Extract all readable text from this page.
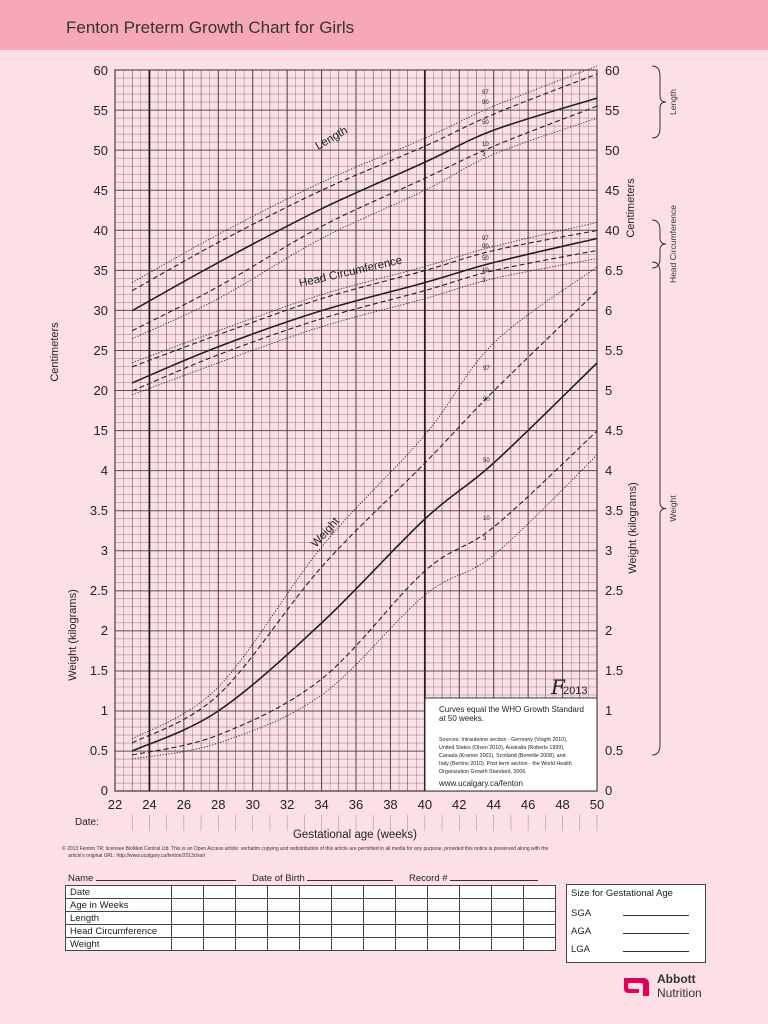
Fenton Preterm Growth Chart for Girls
60
55
50
45
40
35
30
25
20
15
4
3.5
3
2.5
2
1.5
1
0.5
0
60
55
50
45
40
6.5
6
5.5
5
4.5
4
3.5
3
2.5
2
1.5
1
0.5
0
22 24 26 28 30 32 34 36 38 40 42 44 46 48 50
Date:
Gestational age (weeks)
Centimeters
Weight (kilograms)
Centimeters
Weight (kilograms)
Length
Head Circumference
Weight
97
97
97
90
90
90
50
50
50
10
10
10
3
3
3
Length
Head Circumference
Weight
F
2013
Curves equal the WHO Growth Standard
at 50 weeks.
Sources: Intrauterine section - Germany (Voight 2010),
United States (Olsen 2010), Australia (Roberts 1999),
Canada (Kramer 2001), Scotland (Bonellie 2008), and
Italy (Bertino 2010). Post term section - the World Health
Organization Growth Standard, 2006.
www.ucalgary.ca/fenton
© 2013 Fenton TR; licensee BioMed Central Ltd. This is an Open Access article: verbatim copying and redistribution of this article are permitted in all media for any purpose, provided this notice is preserved along with the
article's original URL: http://www.ucalgary.ca/fenton/2013chart
Name	Date of Birth	Record #
Date												
Age in Weeks												
Length												
Head Circumference												
Weight												
Size for Gestational Age
SGA
AGA
LGA
Abbott
Nutrition
